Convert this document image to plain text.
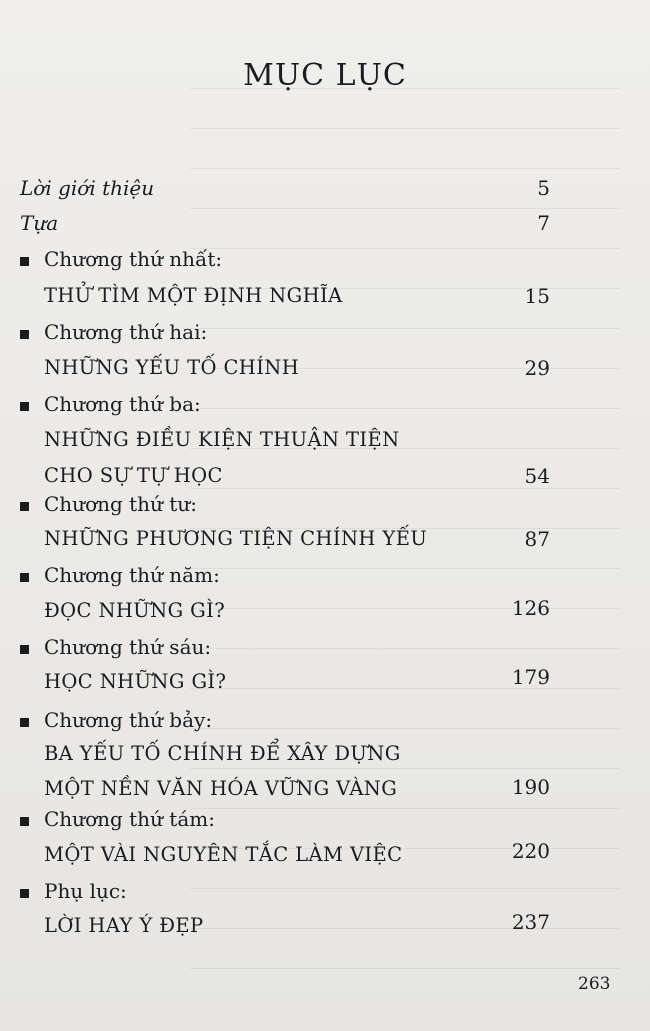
MỤC LỤC
Lời giới thiệu	5
Tựa	7
Chương thứ nhất:
THỬ TÌM MỘT ĐỊNH NGHĨA	15
Chương thứ hai:
NHỮNG YẾU TỐ CHÍNH	29
Chương thứ ba:
NHỮNG ĐIỀU KIỆN THUẬN TIỆN
CHO SỰ TỰ HỌC	54
Chương thứ tư:
NHỮNG PHƯƠNG TIỆN CHÍNH YẾU	87
Chương thứ năm:
ĐỌC NHỮNG GÌ?	126
Chương thứ sáu:
HỌC NHỮNG GÌ?	179
Chương thứ bảy:
BA YẾU TỐ CHÍNH ĐỂ XÂY DỰNG
MỘT NỀN VĂN HÓA VỮNG VÀNG	190
Chương thứ tám:
MỘT VÀI NGUYÊN TẮC LÀM VIỆC	220
Phụ lục:
LỜI HAY Ý ĐẸP	237
263
